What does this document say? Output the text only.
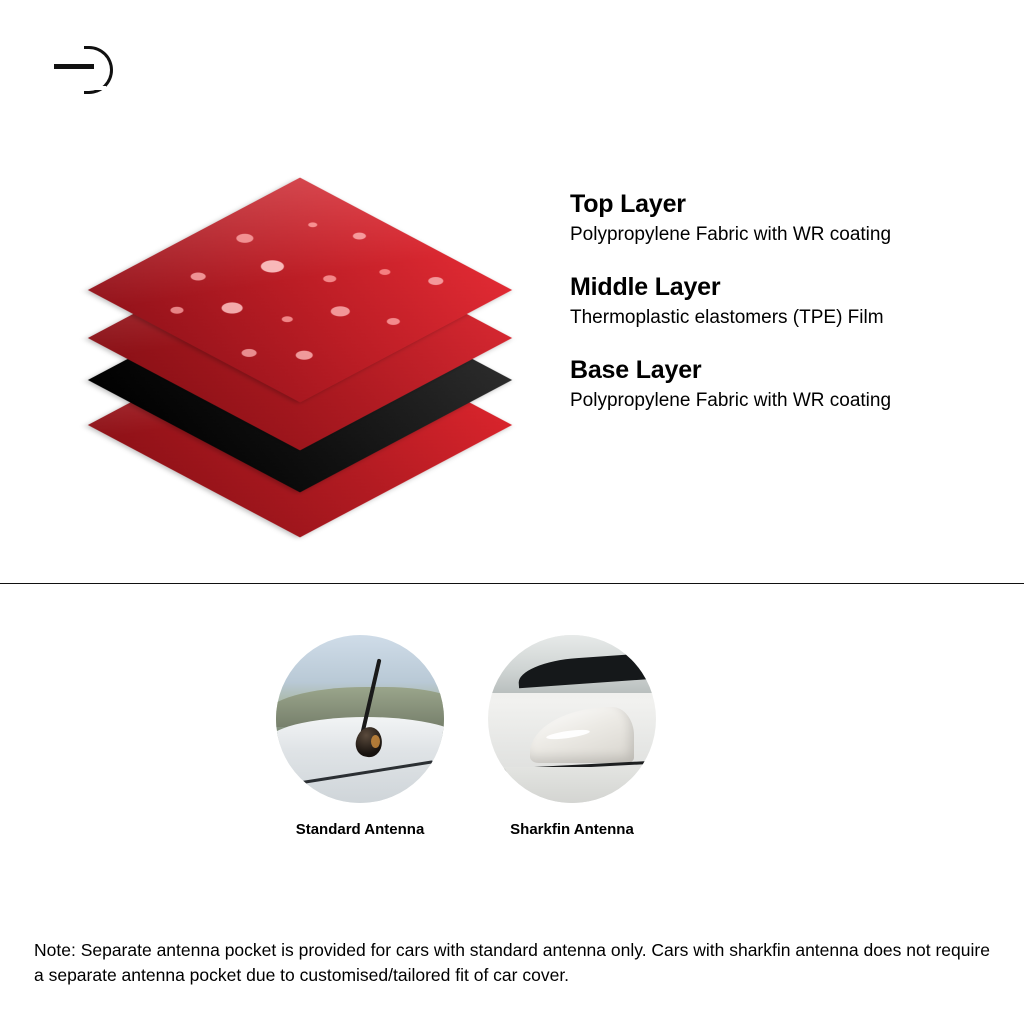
Top Layer
Polypropylene Fabric with WR coating
Middle Layer
Thermoplastic elastomers (TPE) Film
Base Layer
Polypropylene Fabric with WR coating
Standard Antenna	Sharkfin Antenna
Note: Separate antenna pocket is provided for cars with standard antenna only. Cars with sharkfin antenna does not require a separate antenna pocket due to customised/tailored fit of car cover.
